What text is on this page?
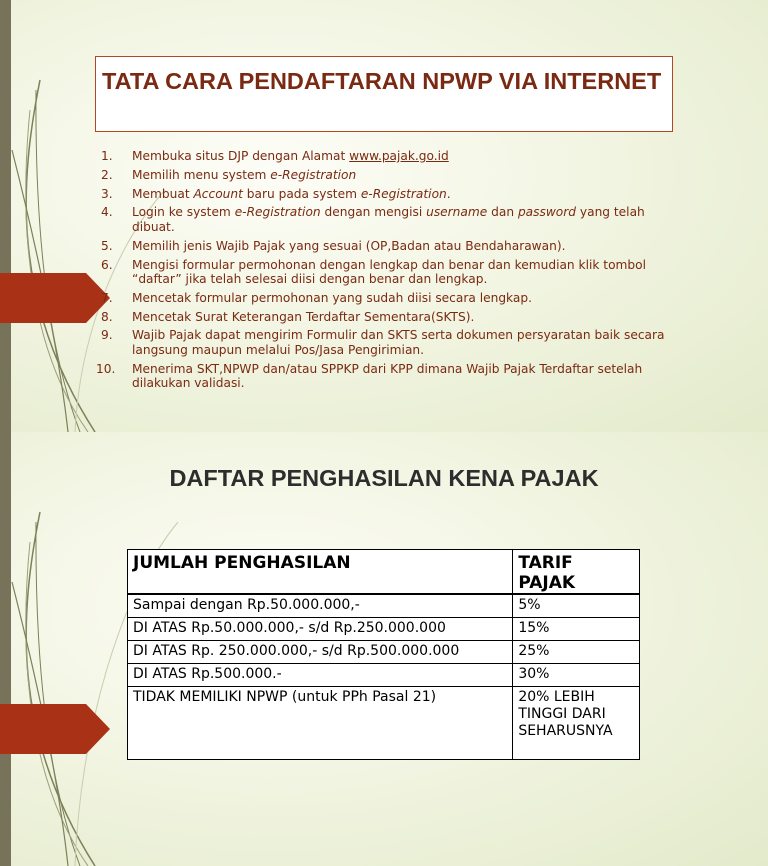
TATA CARA PENDAFTARAN NPWP VIA INTERNET
1. Membuka situs DJP dengan Alamat www.pajak.go.id
2. Memilih menu system e-Registration
3. Membuat Account baru pada system e-Registration.
4. Login ke system e-Registration dengan mengisi username dan password yang telah dibuat.
5. Memilih jenis Wajib Pajak yang sesuai (OP,Badan atau Bendaharawan).
6. Mengisi formular permohonan dengan lengkap dan benar dan kemudian klik tombol “daftar” jika telah selesai diisi dengan benar dan lengkap.
7. Mencetak formular permohonan yang sudah diisi secara lengkap.
8. Mencetak Surat Keterangan Terdaftar Sementara(SKTS).
9. Wajib Pajak dapat mengirim Formulir dan SKTS serta dokumen persyaratan baik secara langsung maupun melalui Pos/Jasa Pengirimian.
10. Menerima SKT,NPWP dan/atau SPPKP dari KPP dimana Wajib Pajak Terdaftar setelah dilakukan validasi.
DAFTAR PENGHASILAN KENA PAJAK
JUMLAH PENGHASILAN	TARIF PAJAK
Sampai dengan Rp.50.000.000,-	5%
DI ATAS Rp.50.000.000,- s/d Rp.250.000.000	15%
DI ATAS Rp. 250.000.000,- s/d Rp.500.000.000	25%
DI ATAS Rp.500.000.-	30%
TIDAK MEMILIKI NPWP (untuk PPh Pasal 21)	20% LEBIH TINGGI DARI SEHARUSNYA
